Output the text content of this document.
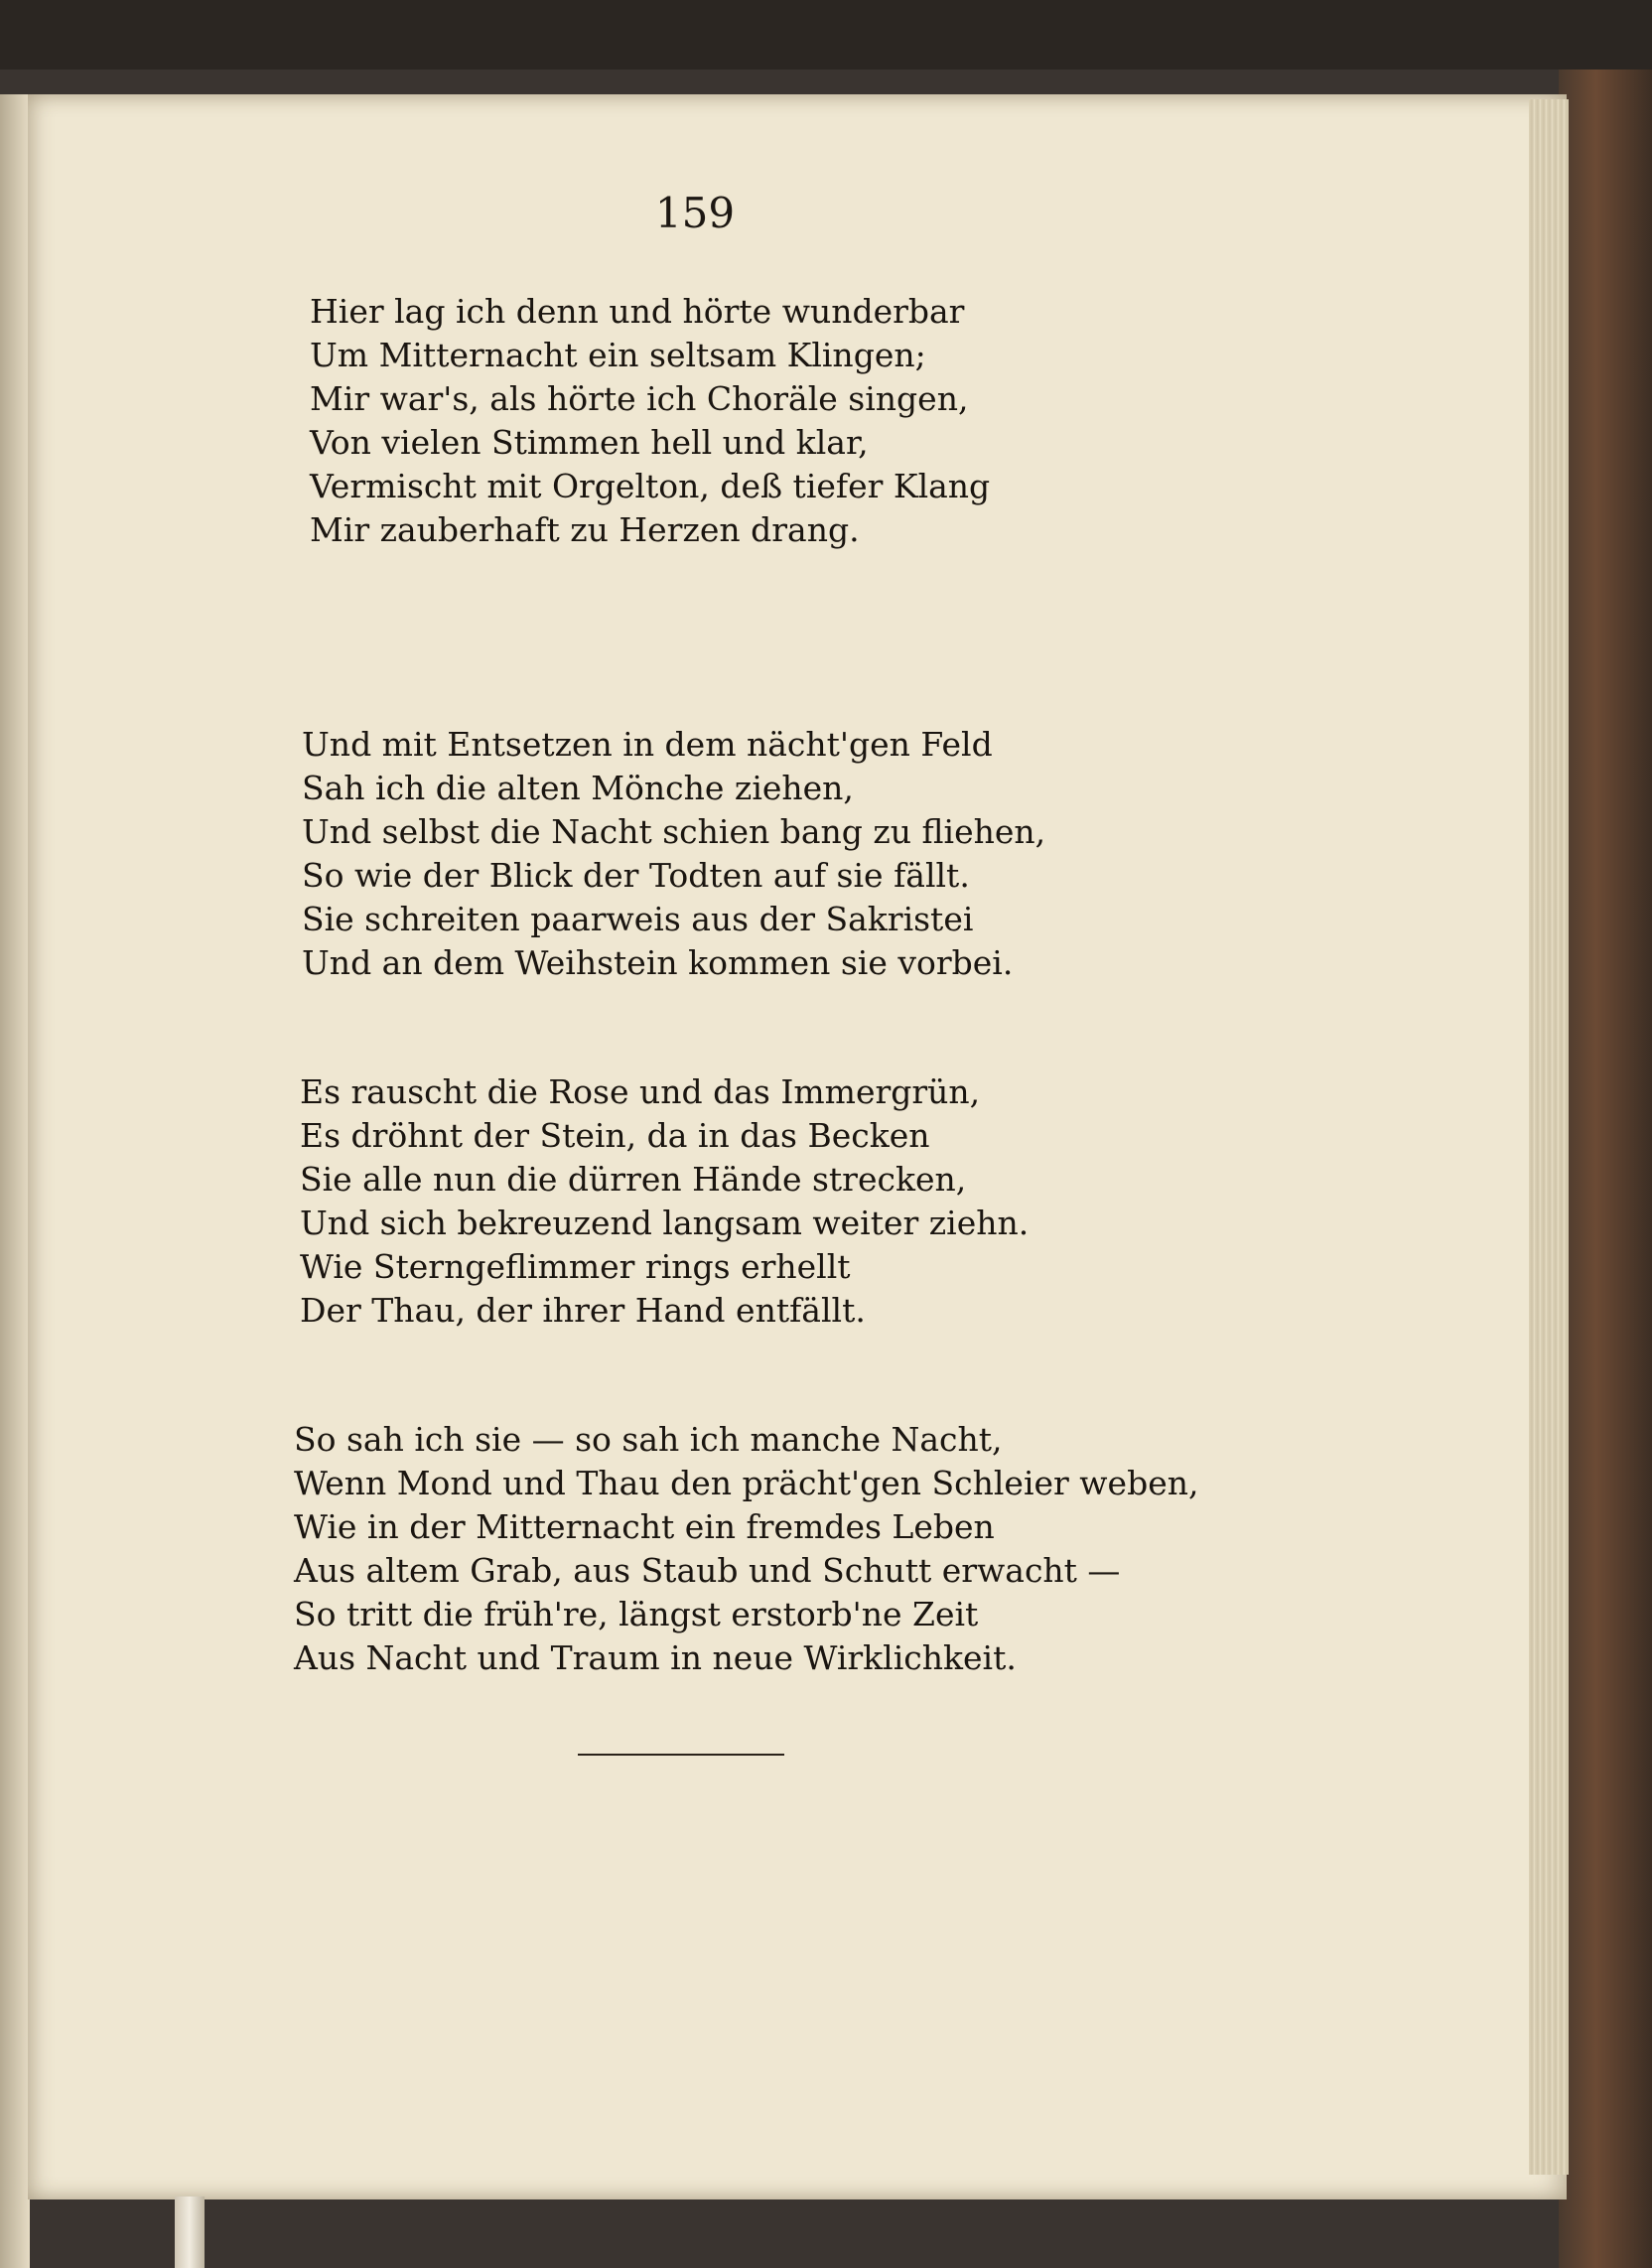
159
Hier lag ich denn und hörte wunderbar
Um Mitternacht ein seltsam Klingen;
Mir war's, als hörte ich Choräle singen,
Von vielen Stimmen hell und klar,
Vermischt mit Orgelton, deß tiefer Klang
Mir zauberhaft zu Herzen drang.
Und mit Entsetzen in dem nächt'gen Feld
Sah ich die alten Mönche ziehen,
Und selbst die Nacht schien bang zu fliehen,
So wie der Blick der Todten auf sie fällt.
Sie schreiten paarweis aus der Sakristei
Und an dem Weihstein kommen sie vorbei.
Es rauscht die Rose und das Immergrün,
Es dröhnt der Stein, da in das Becken
Sie alle nun die dürren Hände strecken,
Und sich bekreuzend langsam weiter ziehn.
Wie Sterngeflimmer rings erhellt
Der Thau, der ihrer Hand entfällt.
So sah ich sie — so sah ich manche Nacht,
Wenn Mond und Thau den prächt'gen Schleier weben,
Wie in der Mitternacht ein fremdes Leben
Aus altem Grab, aus Staub und Schutt erwacht —
So tritt die früh're, längst erstorb'ne Zeit
Aus Nacht und Traum in neue Wirklichkeit.
